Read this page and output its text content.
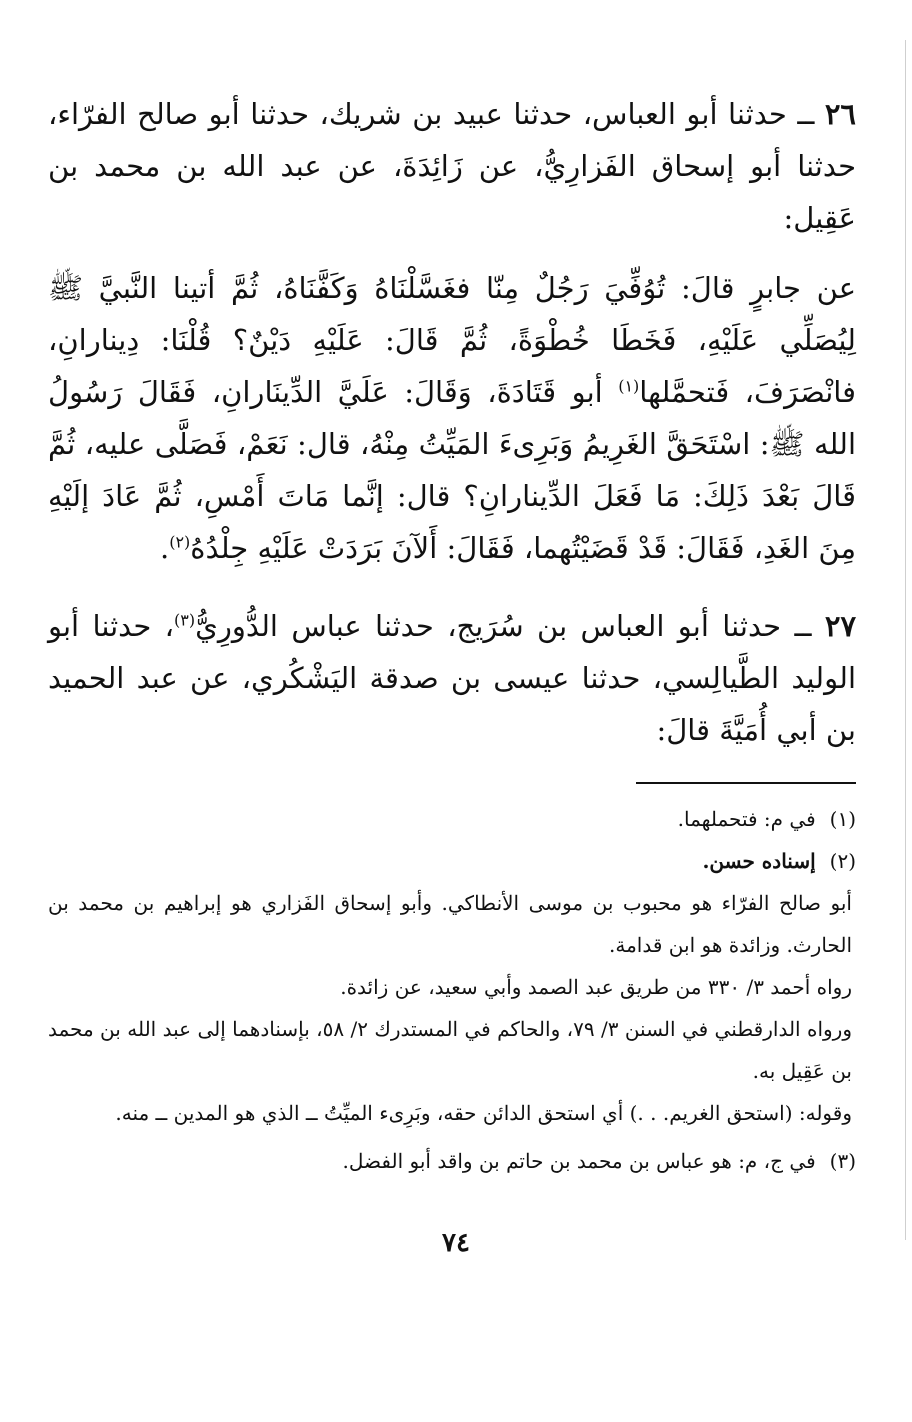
٢٦ ــ حدثنا أبو العباس، حدثنا عبيد بن شريك، حدثنا أبو صالح الفرّاء، حدثنا أبو إسحاق الفَزارِيُّ، عن زَائِدَةَ، عن عبد الله بن محمد بن عَقِيل:

عن جابرٍ قالَ: تُوُفِّيَ رَجُلٌ مِنّا فغَسَّلْنَاهُ وَكَفَّنَاهُ، ثُمَّ أتينا النَّبيَّ ﷺ لِيُصَلِّي عَلَيْهِ، فَخَطَا خُطْوَةً، ثُمَّ قَالَ: عَلَيْهِ دَيْنٌ؟ قُلْنَا: دِينارانِ، فانْصَرَفَ، فَتحمَّلها$^{(١)}$ أبو قَتَادَةَ، وَقَالَ: عَلَيَّ الدِّينَارانِ، فَقَالَ رَسُولُ الله ﷺ: اسْتَحَقَّ الغَرِيمُ وَبَرِىءَ المَيِّتُ مِنْهُ، قال: نَعَمْ، فَصَلَّى عليه، ثُمَّ قَالَ بَعْدَ ذَلِكَ: مَا فَعَلَ الدِّينارانِ؟ قال: إنَّما مَاتَ أَمْسِ، ثُمَّ عَادَ إلَيْهِ مِنَ الغَدِ، فَقَالَ: قَدْ قَضَيْتُهما، فَقَالَ: أَلآنَ بَرَدَتْ عَلَيْهِ جِلْدُهُ$^{(٢)}$.

٢٧ ــ حدثنا أبو العباس بن سُرَيج، حدثنا عباس الدُّورِيُّ$^{(٣)}$، حدثنا أبو الوليد الطَّيالِسي، حدثنا عيسى بن صدقة اليَشْكُري، عن عبد الحميد بن أبي أُمَيَّةَ قالَ:

(١) في م: فتحملهما.

(٢) إسناده حسن.

أبو صالح الفرّاء هو محبوب بن موسى الأنطاكي. وأبو إسحاق الفَزاري هو إبراهيم بن محمد بن الحارث. وزائدة هو ابن قدامة.

رواه أحمد ٣/ ٣٣٠ من طريق عبد الصمد وأبي سعيد، عن زائدة.

ورواه الدارقطني في السنن ٣/ ٧٩، والحاكم في المستدرك ٢/ ٥٨، بإسنادهما إلى عبد الله بن محمد بن عَقِيل به.

وقوله: (استحق الغريم. . .) أي استحق الدائن حقه، وبَرِىء الميِّتُ ــ الذي هو المدين ــ منه.

(٣) في ج، م: هو عباس بن محمد بن حاتم بن واقد أبو الفضل.

٧٤
